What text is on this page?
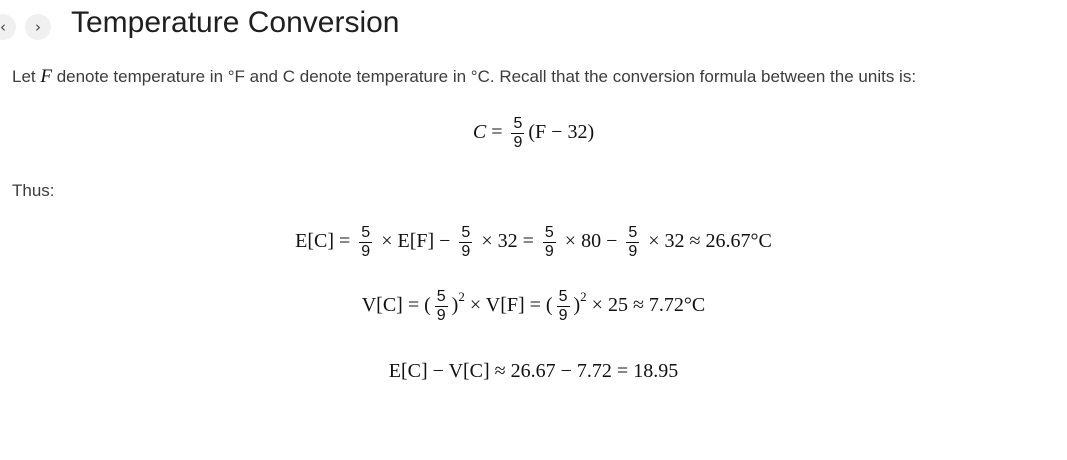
‹ › Temperature Conversion

Let F denote temperature in °F and C denote temperature in °C. Recall that the conversion formula between the units is:

$C = \frac{5}{9} (F - 32)$

Thus:

$E[C] = \frac{5}{9} \times E[F] - \frac{5}{9} \times 32 = \frac{5}{9} \times 80 - \frac{5}{9} \times 32 \approx 26.67^\circ C$
V[C] = ( $\frac{5}{9} )^2 \times V[F]$ = ( $\frac{5}{9} )^2 \times 25 \approx 7.72^\circ C$
E[C] − V[C] ≈ 26.67 − 7.72 = 18.95
